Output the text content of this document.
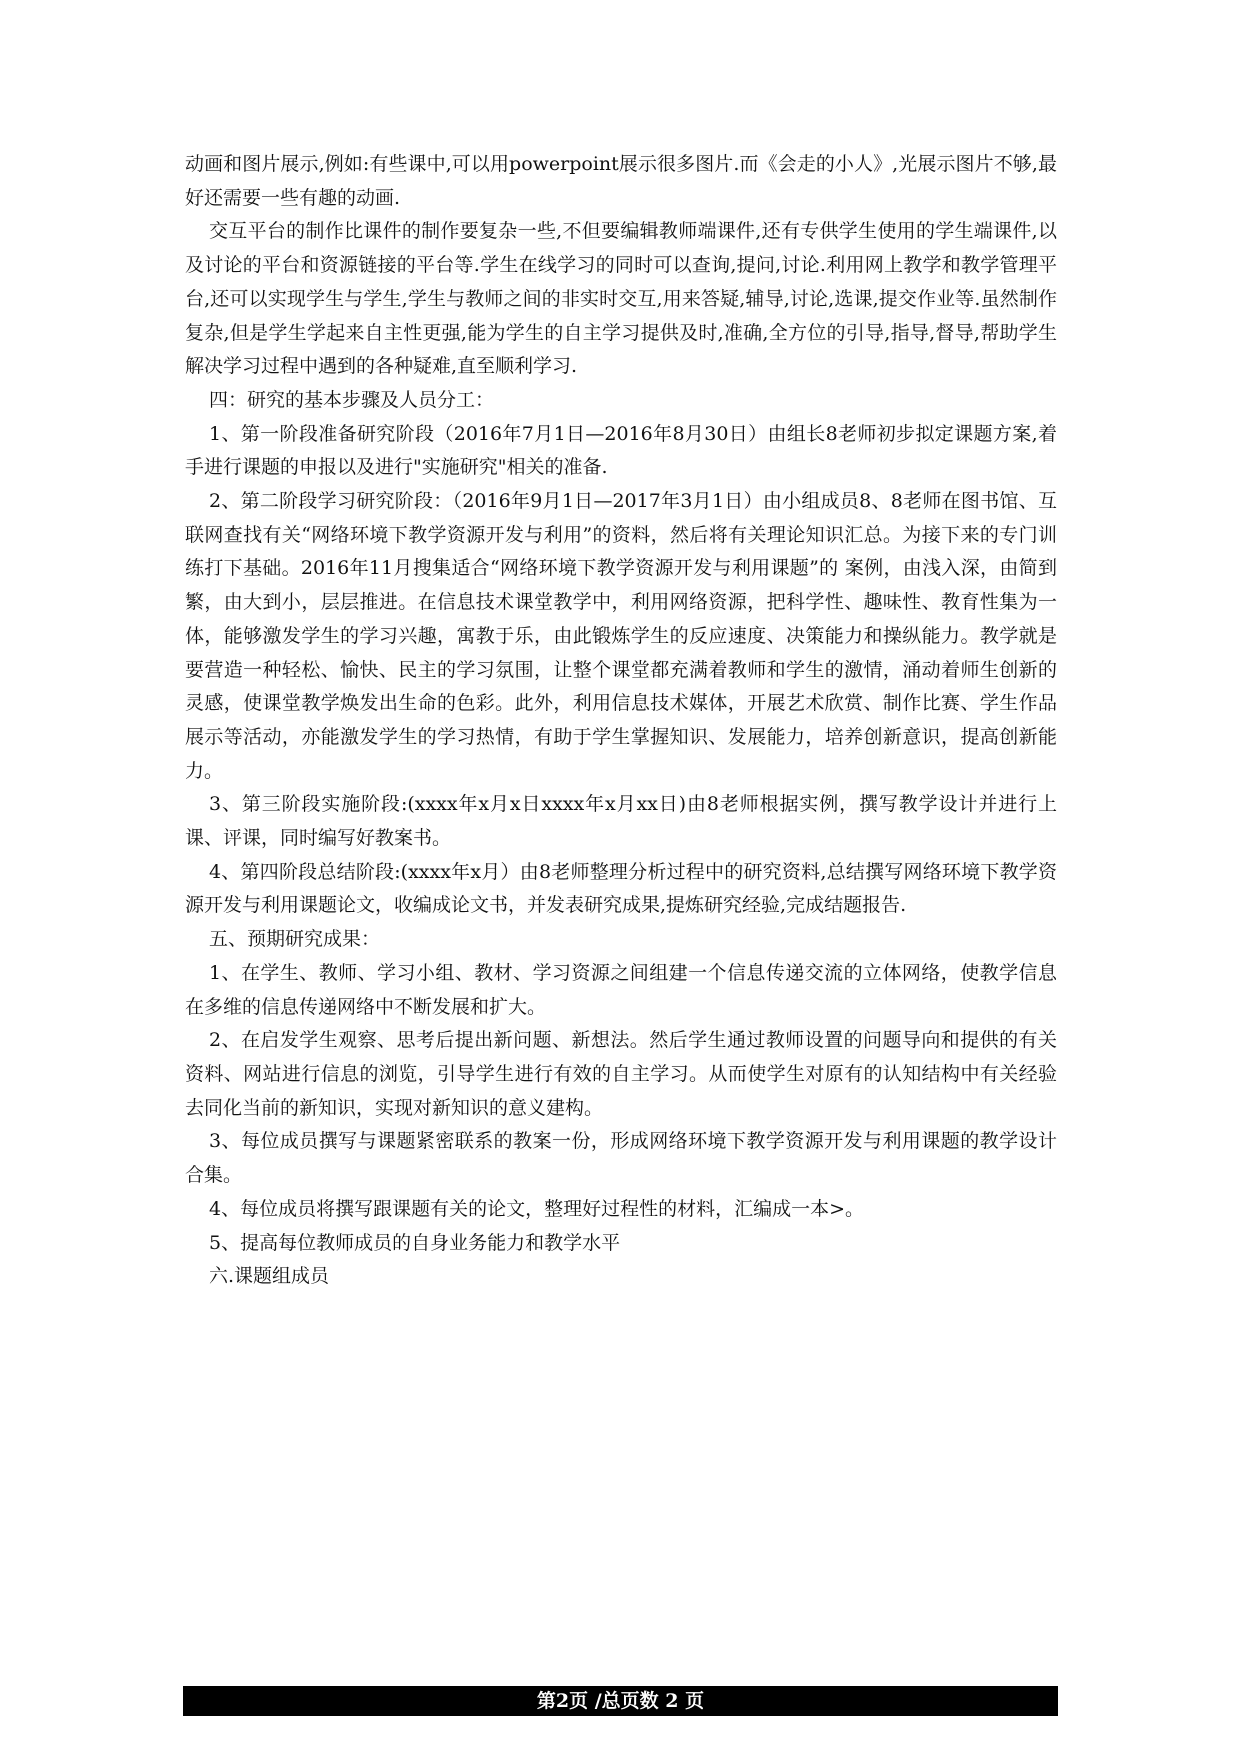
动画和图片展示,例如:有些课中,可以用powerpoint展示很多图片.而《会走的小人》,光展示图片不够,最好还需要一些有趣的动画.

交互平台的制作比课件的制作要复杂一些,不但要编辑教师端课件,还有专供学生使用的学生端课件,以及讨论的平台和资源链接的平台等.学生在线学习的同时可以查询,提问,讨论.利用网上教学和教学管理平台,还可以实现学生与学生,学生与教师之间的非实时交互,用来答疑,辅导,讨论,选课,提交作业等.虽然制作复杂,但是学生学起来自主性更强,能为学生的自主学习提供及时,准确,全方位的引导,指导,督导,帮助学生解决学习过程中遇到的各种疑难,直至顺利学习.

四：研究的基本步骤及人员分工：

1、第一阶段准备研究阶段（2016年7月1日—2016年8月30日）由组长8老师初步拟定课题方案,着手进行课题的申报以及进行"实施研究"相关的准备.

2、第二阶段学习研究阶段：（2016年9月1日—2017年3月1日）由小组成员8、8老师在图书馆、互联网查找有关“网络环境下教学资源开发与利用”的资料，然后将有关理论知识汇总。为接下来的专门训练打下基础。2016年11月搜集适合“网络环境下教学资源开发与利用课题”的 案例，由浅入深，由简到繁，由大到小，层层推进。在信息技术课堂教学中，利用网络资源，把科学性、趣味性、教育性集为一体，能够激发学生的学习兴趣，寓教于乐，由此锻炼学生的反应速度、决策能力和操纵能力。教学就是要营造一种轻松、愉快、民主的学习氛围，让整个课堂都充满着教师和学生的激情，涌动着师生创新的灵感，使课堂教学焕发出生命的色彩。此外，利用信息技术媒体，开展艺术欣赏、制作比赛、学生作品展示等活动，亦能激发学生的学习热情，有助于学生掌握知识、发展能力，培养创新意识，提高创新能力。

3、第三阶段实施阶段:(xxxx年x月x日xxxx年x月xx日)由8老师根据实例，撰写教学设计并进行上课、评课，同时编写好教案书。

4、第四阶段总结阶段:(xxxx年x月）由8老师整理分析过程中的研究资料,总结撰写网络环境下教学资源开发与利用课题论文，收编成论文书，并发表研究成果,提炼研究经验,完成结题报告.

五、预期研究成果：

1、在学生、教师、学习小组、教材、学习资源之间组建一个信息传递交流的立体网络，使教学信息在多维的信息传递网络中不断发展和扩大。

2、在启发学生观察、思考后提出新问题、新想法。然后学生通过教师设置的问题导向和提供的有关资料、网站进行信息的浏览，引导学生进行有效的自主学习。从而使学生对原有的认知结构中有关经验去同化当前的新知识，实现对新知识的意义建构。

3、每位成员撰写与课题紧密联系的教案一份，形成网络环境下教学资源开发与利用课题的教学设计合集。

4、每位成员将撰写跟课题有关的论文，整理好过程性的材料，汇编成一本>。

5、提高每位教师成员的自身业务能力和教学水平

六.课题组成员

第2页 /总页数 2 页
